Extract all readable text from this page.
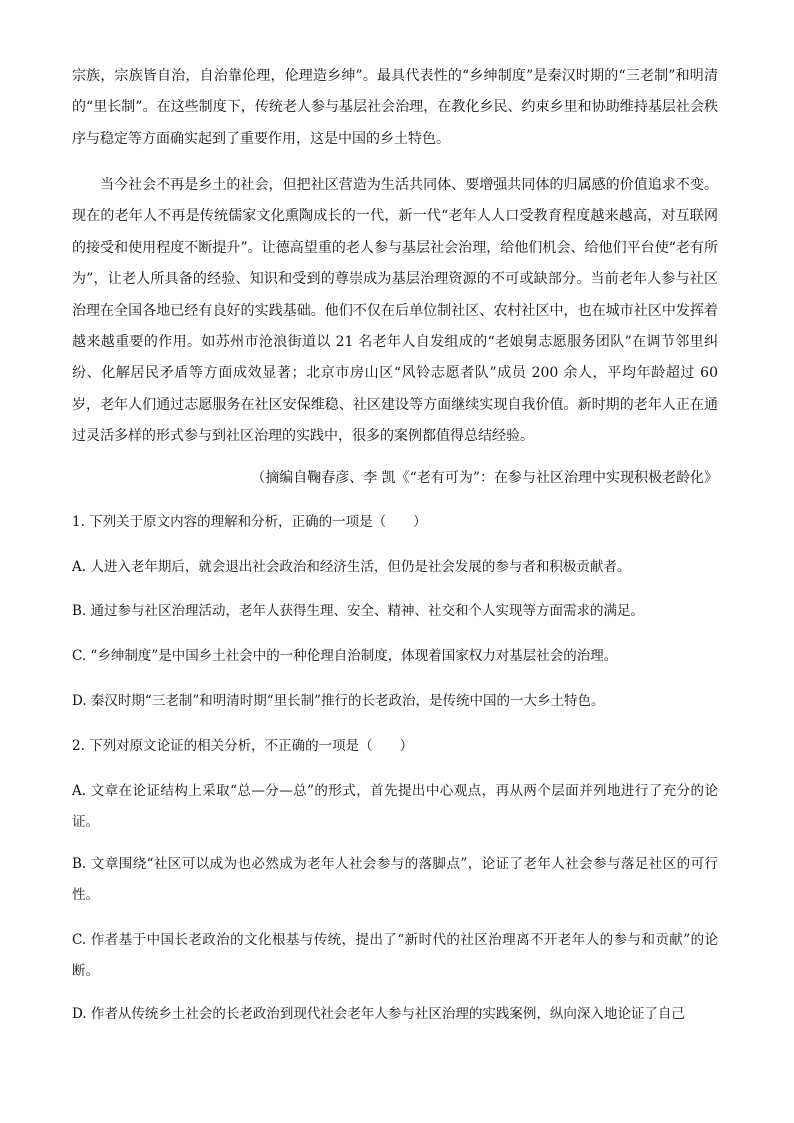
宗族，宗族皆自治，自治靠伦理，伦理造乡绅”。最具代表性的“乡绅制度”是秦汉时期的“三老制”和明清的“里长制”。在这些制度下，传统老人参与基层社会治理，在教化乡民、约束乡里和协助维持基层社会秩序与稳定等方面确实起到了重要作用，这是中国的乡土特色。
当今社会不再是乡土的社会，但把社区营造为生活共同体、要增强共同体的归属感的价值追求不变。现在的老年人不再是传统儒家文化熏陶成长的一代，新一代“老年人人口受教育程度越来越高，对互联网的接受和使用程度不断提升”。让德高望重的老人参与基层社会治理，给他们机会、给他们平台使“老有所为”，让老人所具备的经验、知识和受到的尊崇成为基层治理资源的不可或缺部分。当前老年人参与社区治理在全国各地已经有良好的实践基础。他们不仅在后单位制社区、农村社区中，也在城市社区中发挥着越来越重要的作用。如苏州市沧浪街道以 21 名老年人自发组成的“老娘舅志愿服务团队”在调节邻里纠纷、化解居民矛盾等方面成效显著；北京市房山区“风铃志愿者队”成员 200 余人，平均年龄超过 60 岁，老年人们通过志愿服务在社区安保维稳、社区建设等方面继续实现自我价值。新时期的老年人正在通过灵活多样的形式参与到社区治理的实践中，很多的案例都值得总结经验。
（摘编自鞠春彦、李 凯《“老有可为”：在参与社区治理中实现积极老龄化》
1. 下列关于原文内容的理解和分析，正确的一项是（　　）
A. 人进入老年期后，就会退出社会政治和经济生活，但仍是社会发展的参与者和积极贡献者。
B. 通过参与社区治理活动，老年人获得生理、安全、精神、社交和个人实现等方面需求的满足。
C. “乡绅制度”是中国乡土社会中的一种伦理自治制度，体现着国家权力对基层社会的治理。
D. 秦汉时期“三老制”和明清时期“里长制”推行的长老政治，是传统中国的一大乡土特色。
2. 下列对原文论证的相关分析，不正确的一项是（　　）
A. 文章在论证结构上采取“总—分—总”的形式，首先提出中心观点，再从两个层面并列地进行了充分的论证。
B. 文章围绕“社区可以成为也必然成为老年人社会参与的落脚点”，论证了老年人社会参与落足社区的可行性。
C. 作者基于中国长老政治的文化根基与传统，提出了“新时代的社区治理离不开老年人的参与和贡献”的论断。
D. 作者从传统乡土社会的长老政治到现代社会老年人参与社区治理的实践案例，纵向深入地论证了自己
